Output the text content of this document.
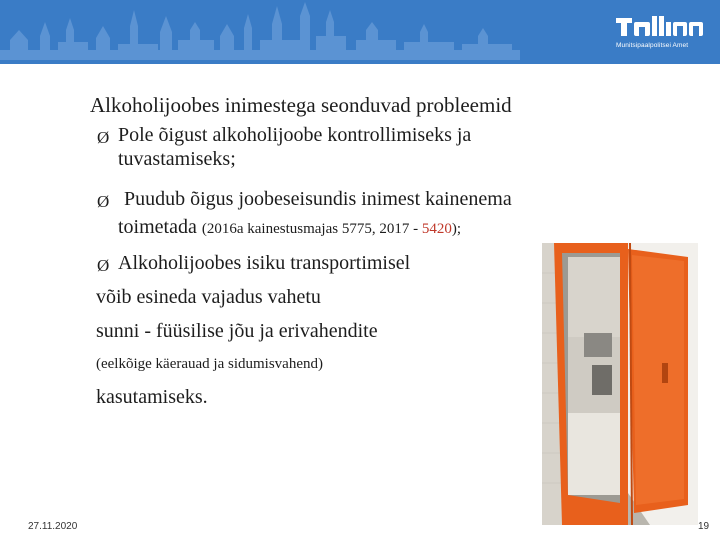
Munitsipaalpolitsei Amet
Alkoholijoobes inimestega seonduvad probleemid
Ø Pole õigust alkoholijoobe kontrollimiseks ja
tuvastamiseks;
Ø Puudub õigus joobeseisundis inimest kainenema
toimetada (2016a kainestusmajas 5775, 2017 - 5420);
Ø Alkoholijoobes isiku transportimisel
võib esineda vajadus vahetu
sunni - füüsilise jõu ja erivahendite
(eelkõige käerauad ja sidumisvahend)
kasutamiseks.
27.11.2020	19
